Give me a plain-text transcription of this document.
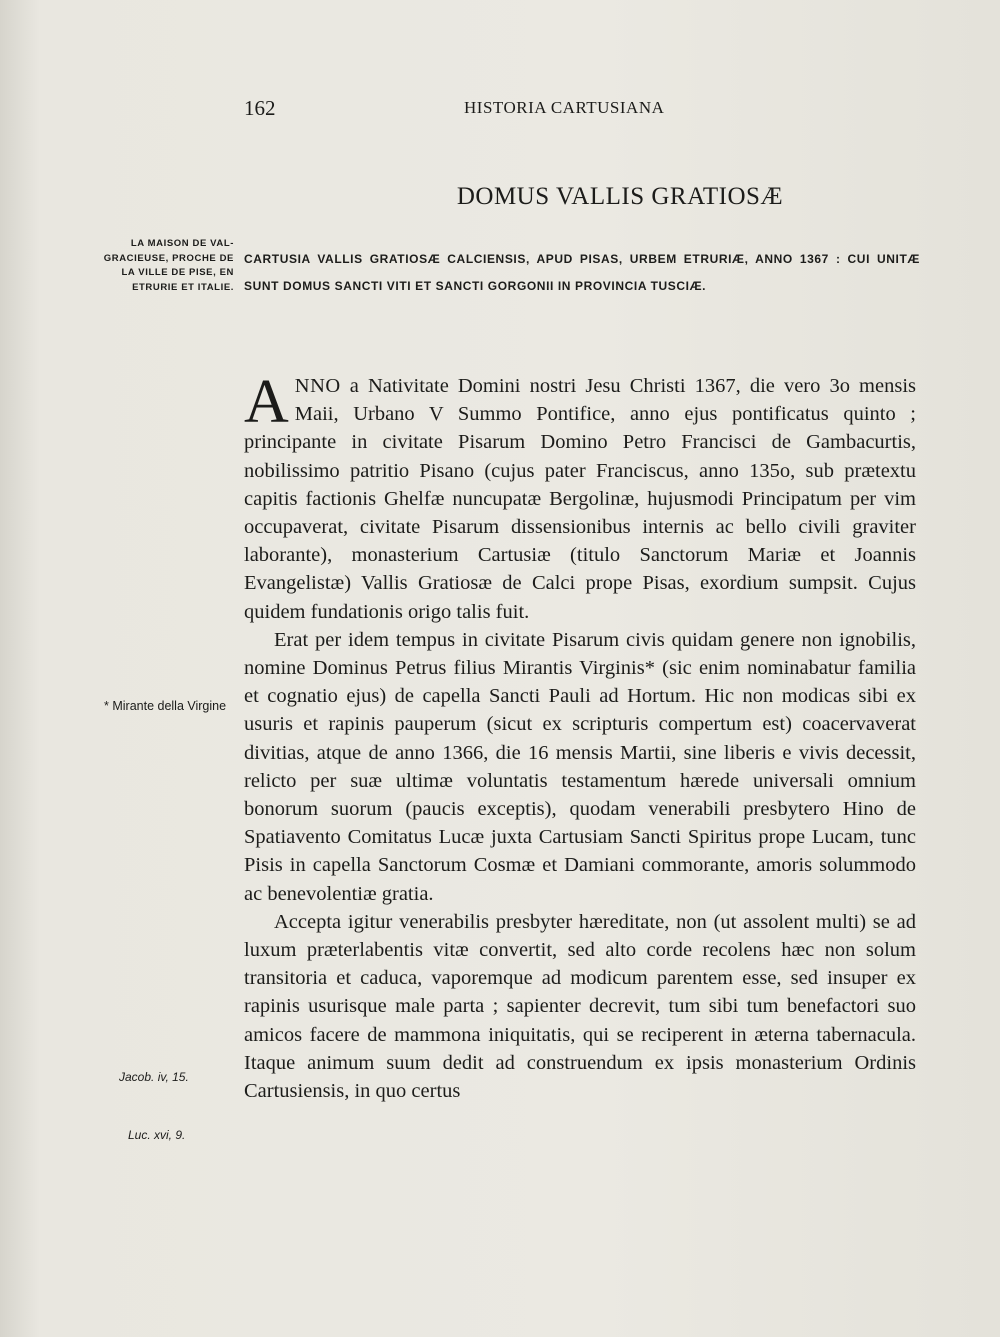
162	HISTORIA CARTUSIANA
DOMUS VALLIS GRATIOSÆ
LA MAISON DE VAL-GRACIEUSE, PROCHE DE LA VILLE DE PISE, EN ETRURIE ET ITALIE.
CARTUSIA VALLIS GRATIOSÆ CALCIENSIS, APUD PISAS, URBEM ETRURIÆ, ANNO 1367 : CUI UNITÆ SUNT DOMUS SANCTI VITI ET SANCTI GORGONII IN PROVINCIA TUSCIÆ.

ANNO a Nativitate Domini nostri Jesu Christi 1367, die vero 3o mensis Maii, Urbano V Summo Pontifice, anno ejus pontificatus quinto ; principante in civitate Pisarum Domino Petro Francisci de Gambacurtis, nobilissimo patritio Pisano (cujus pater Franciscus, anno 135o, sub prætextu capitis factionis Ghelfæ nuncupatæ Bergolinæ, hujusmodi Principatum per vim occupaverat, civitate Pisarum dissensionibus internis ac bello civili graviter laborante), monasterium Cartusiæ (titulo Sanctorum Mariæ et Joannis Evangelistæ) Vallis Gratiosæ de Calci prope Pisas, exordium sumpsit. Cujus quidem fundationis origo talis fuit.

Erat per idem tempus in civitate Pisarum civis quidam genere non ignobilis, nomine Dominus Petrus filius Mirantis Virginis* (sic enim nominabatur familia et cognatio ejus) de capella Sancti Pauli ad Hortum. Hic non modicas sibi ex usuris et rapinis pauperum (sicut ex scripturis compertum est) coacervaverat divitias, atque de anno 1366, die 16 mensis Martii, sine liberis e vivis decessit, relicto per suæ ultimæ voluntatis testamentum hærede universali omnium bonorum suorum (paucis exceptis), quodam venerabili presbytero Hino de Spatiavento Comitatus Lucæ juxta Cartusiam Sancti Spiritus prope Lucam, tunc Pisis in capella Sanctorum Cosmæ et Damiani commorante, amoris solummodo ac benevolentiæ gratia.

Accepta igitur venerabilis presbyter hæreditate, non (ut assolent multi) se ad luxum præterlabentis vitæ convertit, sed alto corde recolens hæc non solum transitoria et caduca, vaporemque ad modicum parentem esse, sed insuper ex rapinis usurisque male parta ; sapienter decrevit, tum sibi tum benefactori suo amicos facere de mammona iniquitatis, qui se reciperent in æterna tabernacula. Itaque animum suum dedit ad construendum ex ipsis monasterium Ordinis Cartusiensis, in quo certus

* Mirante della Virgine
Jacob. iv, 15.
Luc. xvi, 9.
